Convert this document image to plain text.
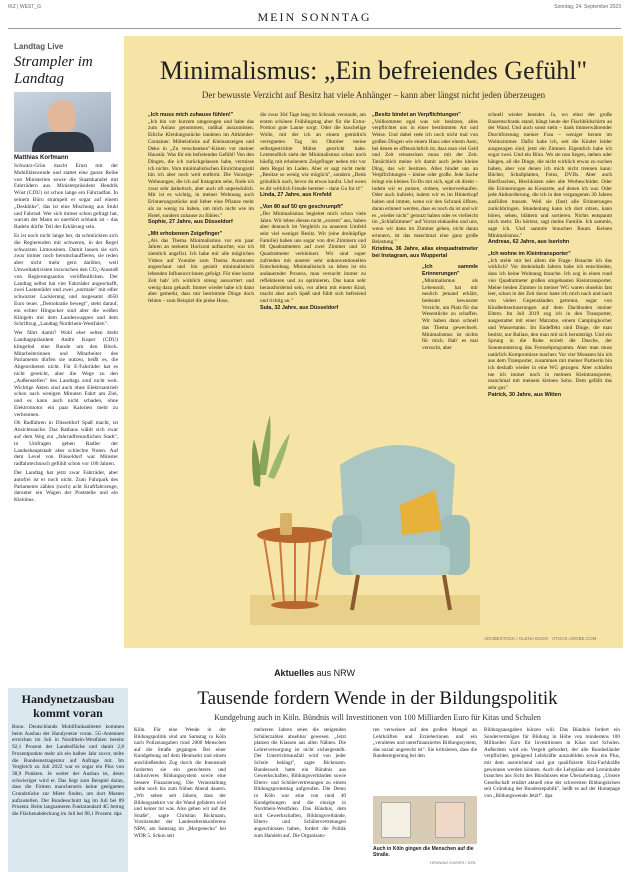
IKZ | WEST_G	Sonntag, 24. September 2023
MEIN SONNTAG
Landtag Live
Strampler im Landtag
Matthias Korfmann

Schwarz-Grün macht Ernst mit der Mobilitätswende und stattet eine ganze Reihe von Ministerien sowie die Staatskanzlei mit Fahrrädern aus. Ministerpräsident Hendrik Wüst (CDU) ist schon lange ein Fahrradfan. In seinem Büro strampelt er sogar auf einem „Deskbike", das ist eine Mischung aus Stuhl und Fahrrad. Wer sich immer schon gefragt hat, warum der Mann so unerhört schlank ist – das Radeln dürfte Teil der Erklärung sein.

Es ist noch nicht lange her, da schmückten sich die Regierenden mit schweren, in der Regel schwarzen Limousinen. Damit lassen sie sich zwar immer noch herumchauffieren, sie reden aber nicht mehr gern darüber, weil Umweltaktivisten inzwischen den CO₂-Ausstoß von Regierungsautos veröffentlichen. Der Landtag selbst hat vier Fahrräder angeschafft, zwei Lastenräder und zwei „normale" mit edler schwarzer Lackierung und insgesamt 4650 Euro teuer. „Demokratie bewegt", steht darauf, ein echter Hingucker sind aber die weißen Klingeln mit dem Landeswappen und dem Schriftzug „Landtag Nordrhein-Westfalen".

Wer fährt damit? Wohl eher selten dreht Landtagspräsident André Kuper (CDU) klingelnd eine Runde um den Block. Mitarbeiterinnen und Mitarbeiter des Parlaments dürfen sie nutzen, heißt es, die Abgeordneten nicht. Für E-Fahrräder hat es nicht gereicht, aber die Wege zu den „Außenstellen" des Landtags sind nicht weit. Wichtige Akten sind auch ohne Elektroantrieb schon nach wenigen Minuten Fahrt am Ziel, und es kann auch nicht schaden, ohne Elektromotor ein paar Kalorien mehr zu verbrennen.

Ob Radfahren in Düsseldorf Spaß macht, ist Ansichtssache. Das Rathaus wählt sich zwar auf dem Weg zur „fahrradfreundlichen Stadt", in Umfragen geben Radler der Landeshauptstadt aber schlechte Noten. Auf dem Level von Düsseldorf war Münster radfahrtechnisch gefühlt schon vor 100 Jahren.

Der Landtag hat jetzt zwar Fahrräder, aber autofrei ist er noch nicht. Zum Fuhrpark des Parlaments zählen (noch) acht Kraftfahrzeuge, darunter ein Wagen der Poststelle und ein Kleinbus.

Minimalismus: „Ein befreiendes Gefühl"
Der bewusste Verzicht auf Besitz hat viele Anhänger – kann aber längst nicht jeden überzeugen
„Ich muss mich zuhause fühlen!"
„Ich bin vor kurzem umgezogen und habe das zum Anlass genommen, radikal auszumisten. Etliche Kleidungsstücke landeten im Altkleider-Container. Möbelstücke auf Kleinanzeigen und Deko in „Zu verschenken"-Kisten vor meiner Haustür. Was für ein befreiendes Gefühl! Von den Dingen, die ich zurückgelassen habe, vermisse ich nichts. Vom minimalistischen Einrichtungsstil bin ich aber noch weit entfernt. Die Vorzeige-Wohnungen, die ich auf Instagram sehe, finde ich zwar sehr ästhetisch, aber auch oft unpersönlich. Mir ist es wichtig, in meiner Wohnung auch Erinnerungsstücke und lieber eine Pflanze mehr als zu wenig zu haben, um mich nicht wie im Hotel, sondern zuhause zu fühlen."
Sophie, 27 Jahre, aus Düsseldorf
„Mit erhobenem Zeigefinger"
„Als das Thema Minimalismus vor ein paar Jahren an meinem Horizont auftauchte, war ich ziemlich angefixt. Ich habe mir alle möglichen Videos auf Youtube zum Thema Ausmisten angeschaut und bin gezielt minimalistisch lebenden Influencer:innen gefolgt. Für eine kurze Zeit hab' ich wirklich streng aussortiert und wenig dazu gekauft. Immer wieder habe ich dann aber gemerkt, dass mir bestimmte Dinge doch fehlen – zum Beispiel die pinke Hose,
die zwar 364 Tage lang im Schrank verstaubt, am ersten schönen Frühlingstag aber für die Extra-Portion gute Laune sorgt. Oder die kuschelige Wolle, mit der ich an einem gemütlich verregneten Tag im Oktober meine selbstgestrickte Mütze gestrickt habe. Letztendlich sieht der Minimalismus schon noch häufig mit erhobenem Zeigefinger neben mir vor dem Regal im Laden. Aber er sagt nicht mehr „Besitze so wenig wie möglich", sondern „Denk gründlich nach, bevor du etwas kaufst. Und wenn es dir wirklich Freude bereitet – dann Go for it!"
Linda, 27 Jahre, aus Krefeld
„Von 80 auf 50 qm geschrumpft"
„Der Minimalismus begleitet mich schon viele Jahre. Wir leben diesen nicht „extrem" aus, haben aber dennoch im Vergleich zu unserem Umfeld sehr viel weniger Besitz. Wir (eine dreiköpfige Familie) haben uns sogar von drei Zimmern und 80 Quadratmetern auf zwei Zimmer und 50 Quadratmeter verkleinert. Wir sind super zufrieden mit unserer sehr unkonventionellen Entscheidung. Minimalistisch zu leben ist ein andauernder Prozess, man versucht immer zu reflektieren und zu optimieren. Das kann sehr herausfordernd sein, vor allem mit einem Kind, macht aber auch Spaß und fühlt sich befreiend und richtig an."
Sula, 32 Jahre, aus Düsseldorf
„Besitz bindet an Verpflichtungen"
„Vollkommen egal was wir besitzen, alles verpflichtet uns in einer bestimmten Art und Weise. Und dabei rede ich noch nicht mal von großen Dingen wie einem Haus oder einem Auto, bei denen es offensichtlich ist, dass man viel Geld und Zeit reinstecken muss mit der Zeit. Tatsächlich meine ich damit auch jedes kleine Ding, das wir besitzen. Alles bindet uns an Verpflichtungen – kleine oder große. Jede Sache bringt ein kleines To-Do mit sich, egal ob direkt – indem wir es putzen, ordnen, weiterverkaufen. Oder auch indirekt, indem wir es im Hinterkopf haben und immer, wenn wir den Schrank öffnen, daran erinnert werden, dass es noch da ist und wir es „wieder nicht" genutzt haben oder es vielleicht im „Schlafzimmer" auf Vorrat einkaufen und uns, wenn wir dann im Zimmer gehen, nicht daran erinnern, ist das manchmal eine ganz große Belastung."
Kristina, 36 Jahre, alias einquadratmeter bei Instagram, aus Wuppertal
„Ich sammle Erinnerungen"
„Minimalismus als Lebensstil, hat mir neulich jemand erklärt, bedeutet bewusster Verzicht, um Platz für das Wesentliche zu schaffen. Wir haben dann schnell das Thema gewechselt. Minimalismus ist nichts für mich. Hab' es mal versucht, aber
schnell wieder beendet. Ja, wo einst der große Bauernschrank stand, hängt heute der Flachbildschirm an der Wand. Und auch sonst steht – dank immerwährender Durchforstung meiner Frau – weniger herum im Wohnzimmer. Dafür habe ich, seit die Kinder leider ausgezogen sind, jetzt ein Zimmer. Eigentlich habe ich sogar zwei. Und ein Büro. Wo sie nun liegen, stehen oder hängen, all die Dinge, die nicht wirklich etwas zu suchen haben, aber von denen ich mich nicht trennen kann: Bücher, Schallplatten, Fotos, DVDs. Aber auch Bierflaschen, Blechkisten oder alte Werbeschilder. Oder die Erinnerungen an Konzerte, auf denen ich war. Oder jede Aktkordierung, die ich in den vergangenen 30 Jahren ausfüllen musste. Weil sie (fast) alle Erinnerungen zurückbringen. Stundenlang kann ich dort sitzen, kann hören, sehen, blättern und sortieren. Nichts entspannt mich mehr. Du hörtest, sagt meine Familie. Ich sammle, sage ich. Und sammle brauchen Raum. Keinen Minimalismus."
Andreas, 62 Jahre, aus Iserlohn
„Ich wohne im Kleintransporter"
„Ich stelle mir bei allem die Frage: Brauche ich das wirklich? Vor dreieinhalb Jahren habe ich entschieden, dass ich keine Wohnung brauche. Ich zog in einen rund vier Quadratmeter großen umgebauten Kleintransporter. Meine beiden Zimmer in meiner WG waren ohnehin fast leer, schon in der Zeit davor hatte ich mich nach und nach von vielen Gegenständen getrennt, sogar von Kindheitserinnerungen auf dem Dachboden meiner Eltern. Im Juli 2019 zog ich in den Transporter, ausgestattet mit einer Matratze, einem Campingkocher und Wassertanks. Im Endeffekt sind Dinge, die man besitzt, nur Ballast, den man mit sich herumträgt. Und ein Sprung in die Ruhe erzielt die Dusche, der Sonnenunterzug das Fernsehprogramm. Aber man muss natürlich Kompromisse machen: Vor vier Monaten bin ich aus dem Transporter, zusammen mit meiner Partnerin bin ich deshalb wieder in eine WG gezogen. Aber schlafen tue ich immer noch in meinem Kleintransporter, manchmal mit meinem kleinen Sohn. Dem gefällt das sehr gut."
Patrick, 30 Jahre, aus Witten
ADOBESTOCK / OLENA BUDO · STOCK.ADOBE.COM
Aktuelles aus NRW
Handynetzausbau kommt voran
Bonn. Deutschlands Mobilfunkanbieter kommen beim Ausbau der Handynetze voran. 5G-Antennen erreichen im Juli in Nordrhein-Westfalen bereits 92,1 Prozent der Landesfläche und damit 2,8 Prozentpunkte mehr als ein halbes Jahr zuvor, teilte die Bundesnetzagentur auf Anfrage mit. Im Vergleich zu Juli 2022 war es sogar ein Plus von 38,9 Punkten. Je weiter der Ausbau ist, desto schwieriger wird er. Das liegt zum Beispiel daran, dass die Firmen manchenorts keine geeigneten Grundstücke zur Miete finden, um dort Masten aufzustellen. Der Bundesschnitt lag im Juli bei 89 Prozent. Beim langsameren Funkstandard 4G betrug die Flächenabdeckung im Juli bei 98,1 Prozent. dpa
Tausende fordern Wende in der Bildungspolitik
Kundgebung auch in Köln. Bündnis will Investitionen von 100 Milliarden Euro für Kitas und Schulen
Köln. Für eine Wende in der Bildungspolitik sind am Samstag in Köln nach Polizeiangaben rund 2000 Menschen auf die Straße gegangen. Bei einer Kundgebung auf dem Heumarkt und einem anschließenden Zug durch die Innenstadt forderten sie ein gerechteres und inklusiveres Bildungssystem sowie eine bessere Finanzierung. Die Veranstaltung sollte noch bis zum frühen Abend dauern. „Wir sehen seit Jahren, dass der Bildungssektor vor die Wand gefahren wird und keiner tut was. Also gehen wir auf die Straße", sagte Christian Bickmann, Vorsitzender der Landeselternkonferenz NRW, am Samstag im „Morgenecho" bei WDR 5. Schon seit
mehreren Jahren seien die steigenden Schülerzahlen absehbar gewesen. „Jetzt platzen die Klassen aus allen Nähten. Die Lehrerversorgung ist nicht sichergestellt. Der Unterrichtsausfall wird von jeder Schule beklagt", sagte Bickmann. Bundesweit hatte ein Bündnis aus Gewerkschaften, Bildungsverbänden sowie Eltern- und Schülervertretungen zu einem Bildungsprotesttag aufgerufen. Die Demo in Köln war eine von rund 40 Kundgebungen und die einzige in Nordrhein-Westfalen. Das Bündnis, dem sich Gewerkschaften, Bildungsverbände, Eltern- und Schülervertretungen angeschlossen haben, fordert die Politik zum Handeln auf. Die Organisato-
ren verweisen auf den großen Mangel an Lehrkräften und Erzieherinnen und ein „veraltetes und unterfinanziertes Bildungssystem, das sozial ungerecht ist". Sie kritisieren, dass die Bundesregierung bei den
Bildungsausgaben kürzen will. Das Bündnis fordert ein Sondervermögen für Bildung in Höhe von mindestens 100 Milliarden Euro für Investitionen in Kitas und Schulen. Außerdem wird ein Vergelt gefordert, der alle Bundesländer verpflichtet, genügend Lehrkräfte auszubilden sowie ein Plus, mit dem ausreichend und gut qualifizierte Kita-Fachkräfte gewonnen werden können. Auch die Lehrpläne und Lerninhalte brauchen aus Sicht des Bündnisses eine Überarbeitung. „Unsere Gesellschaft ernährt aktuell eine der schwersten Bildungskrisen seit Gründung der Bundesrepublik", heißt es auf der Homepage von „Bildungswende Jetzt!". dpa
Auch in Köln gingen die Menschen auf die Straße.
HENNING KAISER / DPA
